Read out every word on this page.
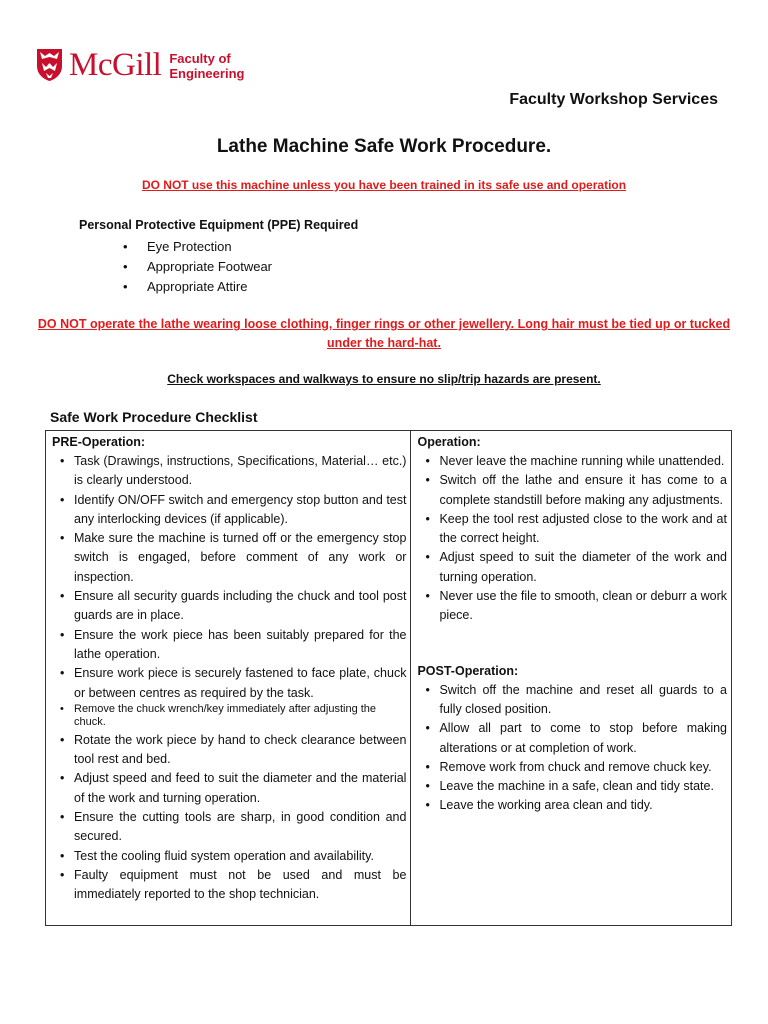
McGill Faculty of
Engineering
Faculty Workshop Services
Lathe Machine Safe Work Procedure.
DO NOT use this machine unless you have been trained in its safe use and operation
Personal Protective Equipment (PPE) Required
• Eye Protection
• Appropriate Footwear
• Appropriate Attire
DO NOT operate the lathe wearing loose clothing, finger rings or other jewellery. Long hair must be tied up or tucked under the hard-hat.
Check workspaces and walkways to ensure no slip/trip hazards are present.
Safe Work Procedure Checklist
PRE-Operation:
• Task (Drawings, instructions, Specifications, Material… etc.) is clearly understood.
• Identify ON/OFF switch and emergency stop button and test any interlocking devices (if applicable).
• Make sure the machine is turned off or the emergency stop switch is engaged, before comment of any work or inspection.
• Ensure all security guards including the chuck and tool post guards are in place.
• Ensure the work piece has been suitably prepared for the lathe operation.
• Ensure work piece is securely fastened to face plate, chuck or between centres as required by the task.
• Remove the chuck wrench/key immediately after adjusting the chuck.
• Rotate the work piece by hand to check clearance between tool rest and bed.
• Adjust speed and feed to suit the diameter and the material of the work and turning operation.
• Ensure the cutting tools are sharp, in good condition and secured.
• Test the cooling fluid system operation and availability.
• Faulty equipment must not be used and must be immediately reported to the shop technician.
Operation:
• Never leave the machine running while unattended.
• Switch off the lathe and ensure it has come to a complete standstill before making any adjustments.
• Keep the tool rest adjusted close to the work and at the correct height.
• Adjust speed to suit the diameter of the work and turning operation.
• Never use the file to smooth, clean or deburr a work piece.
POST-Operation:
• Switch off the machine and reset all guards to a fully closed position.
• Allow all part to come to stop before making alterations or at completion of work.
• Remove work from chuck and remove chuck key.
• Leave the machine in a safe, clean and tidy state.
• Leave the working area clean and tidy.
